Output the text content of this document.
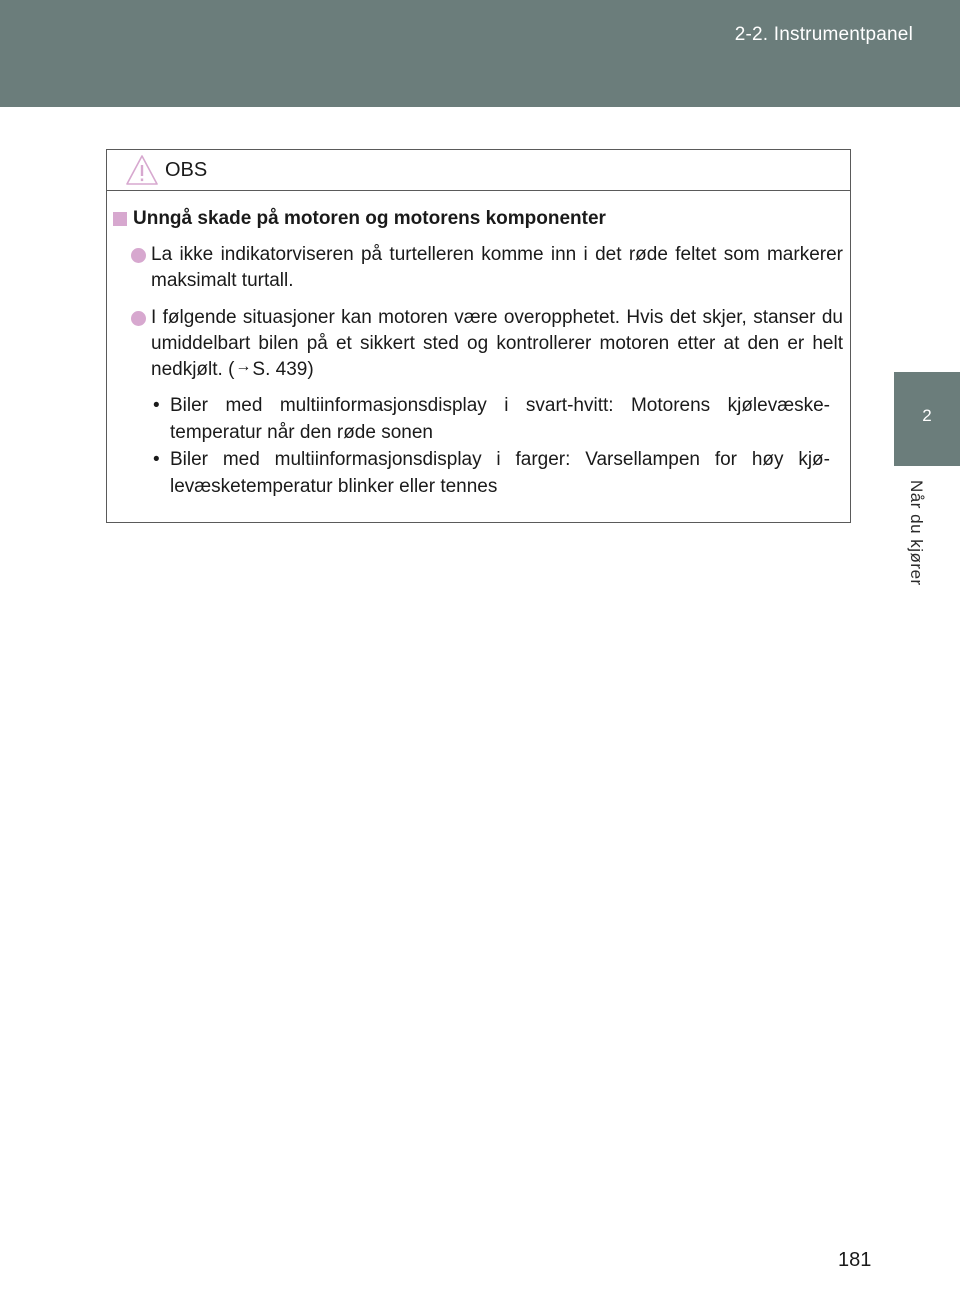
2-2. Instrumentpanel
2
Når du kjører
OBS
Unngå skade på motoren og motorens komponenter
La ikke indikatorviseren på turtelleren komme inn i det røde feltet som markerer maksimalt turtall.
I følgende situasjoner kan motoren være overopphetet. Hvis det skjer, stanser du umiddelbart bilen på et sikkert sted og kontrollerer motoren etter at den er helt nedkjølt. (→S. 439)
• Biler med multiinformasjonsdisplay i svart-hvitt: Motorens kjølevæske-temperatur når den røde sonen
• Biler med multiinformasjonsdisplay i farger: Varsellampen for høy kjø-levæsketemperatur blinker eller tennes
181
